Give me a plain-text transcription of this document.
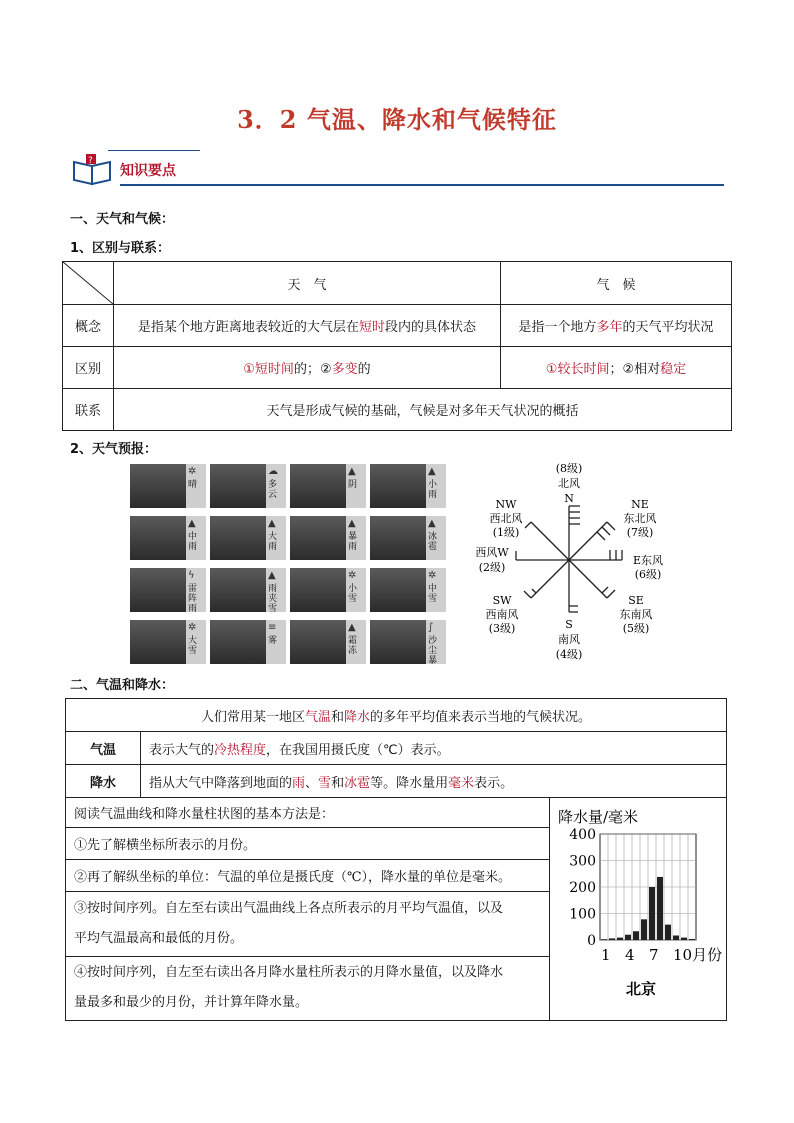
3．2 气温、降水和气候特征
?
知识要点
一、天气和气候：
1、区别与联系：
	天　气	气　候
概念	是指某个地方距离地表较近的大气层在短时段内的具体状态	是指一个地方多年的天气平均状况
区别	①短时间的；②多变的	①较长时间；②相对稳定
联系	天气是形成气候的基础，气候是对多年天气状况的概括	
2、天气预报：
✲
晴
☁
多云
▲
阴
▲
小雨
▲
中雨
▲
大雨
▲
暴雨
▲
冰雹
ϟ
雷阵雨
▲
雨夹雪
✲
小雪
✲
中雪
✲
大雪
≡
雾
▲
霜冻
∫
沙尘暴
(8级)
北风
N	NE
东北风
(7级)
E东风
(6级)
SE
东南风
(5级)
S
南风
(4级)
SW
西南风
(3级)
西风W
(2级)
NW
西北风
(1级)
二、气温和降水：
人们常用某一地区气温和降水的多年平均值来表示当地的气候状况。	
气温	表示大气的冷热程度，在我国用摄氏度（℃）表示。
降水	指从大气中降落到地面的雨、雪和冰雹等。降水量用毫米表示。
阅读气温曲线和降水量柱状图的基本方法是：	降水量/毫米
北京
0
100
200
300
400
1 4 7 10月份

①先了解横坐标所表示的月份。
②再了解纵坐标的单位：气温的单位是摄氏度（℃），降水量的单位是毫米。

③按时间序列。自左至右读出气温曲线上各点所表示的月平均气温值，以及
平均气温最高和最低的月份。

④按时间序列，自左至右读出各月降水量柱所表示的月降水量值，以及降水
量最多和最少的月份，并计算年降水量。
